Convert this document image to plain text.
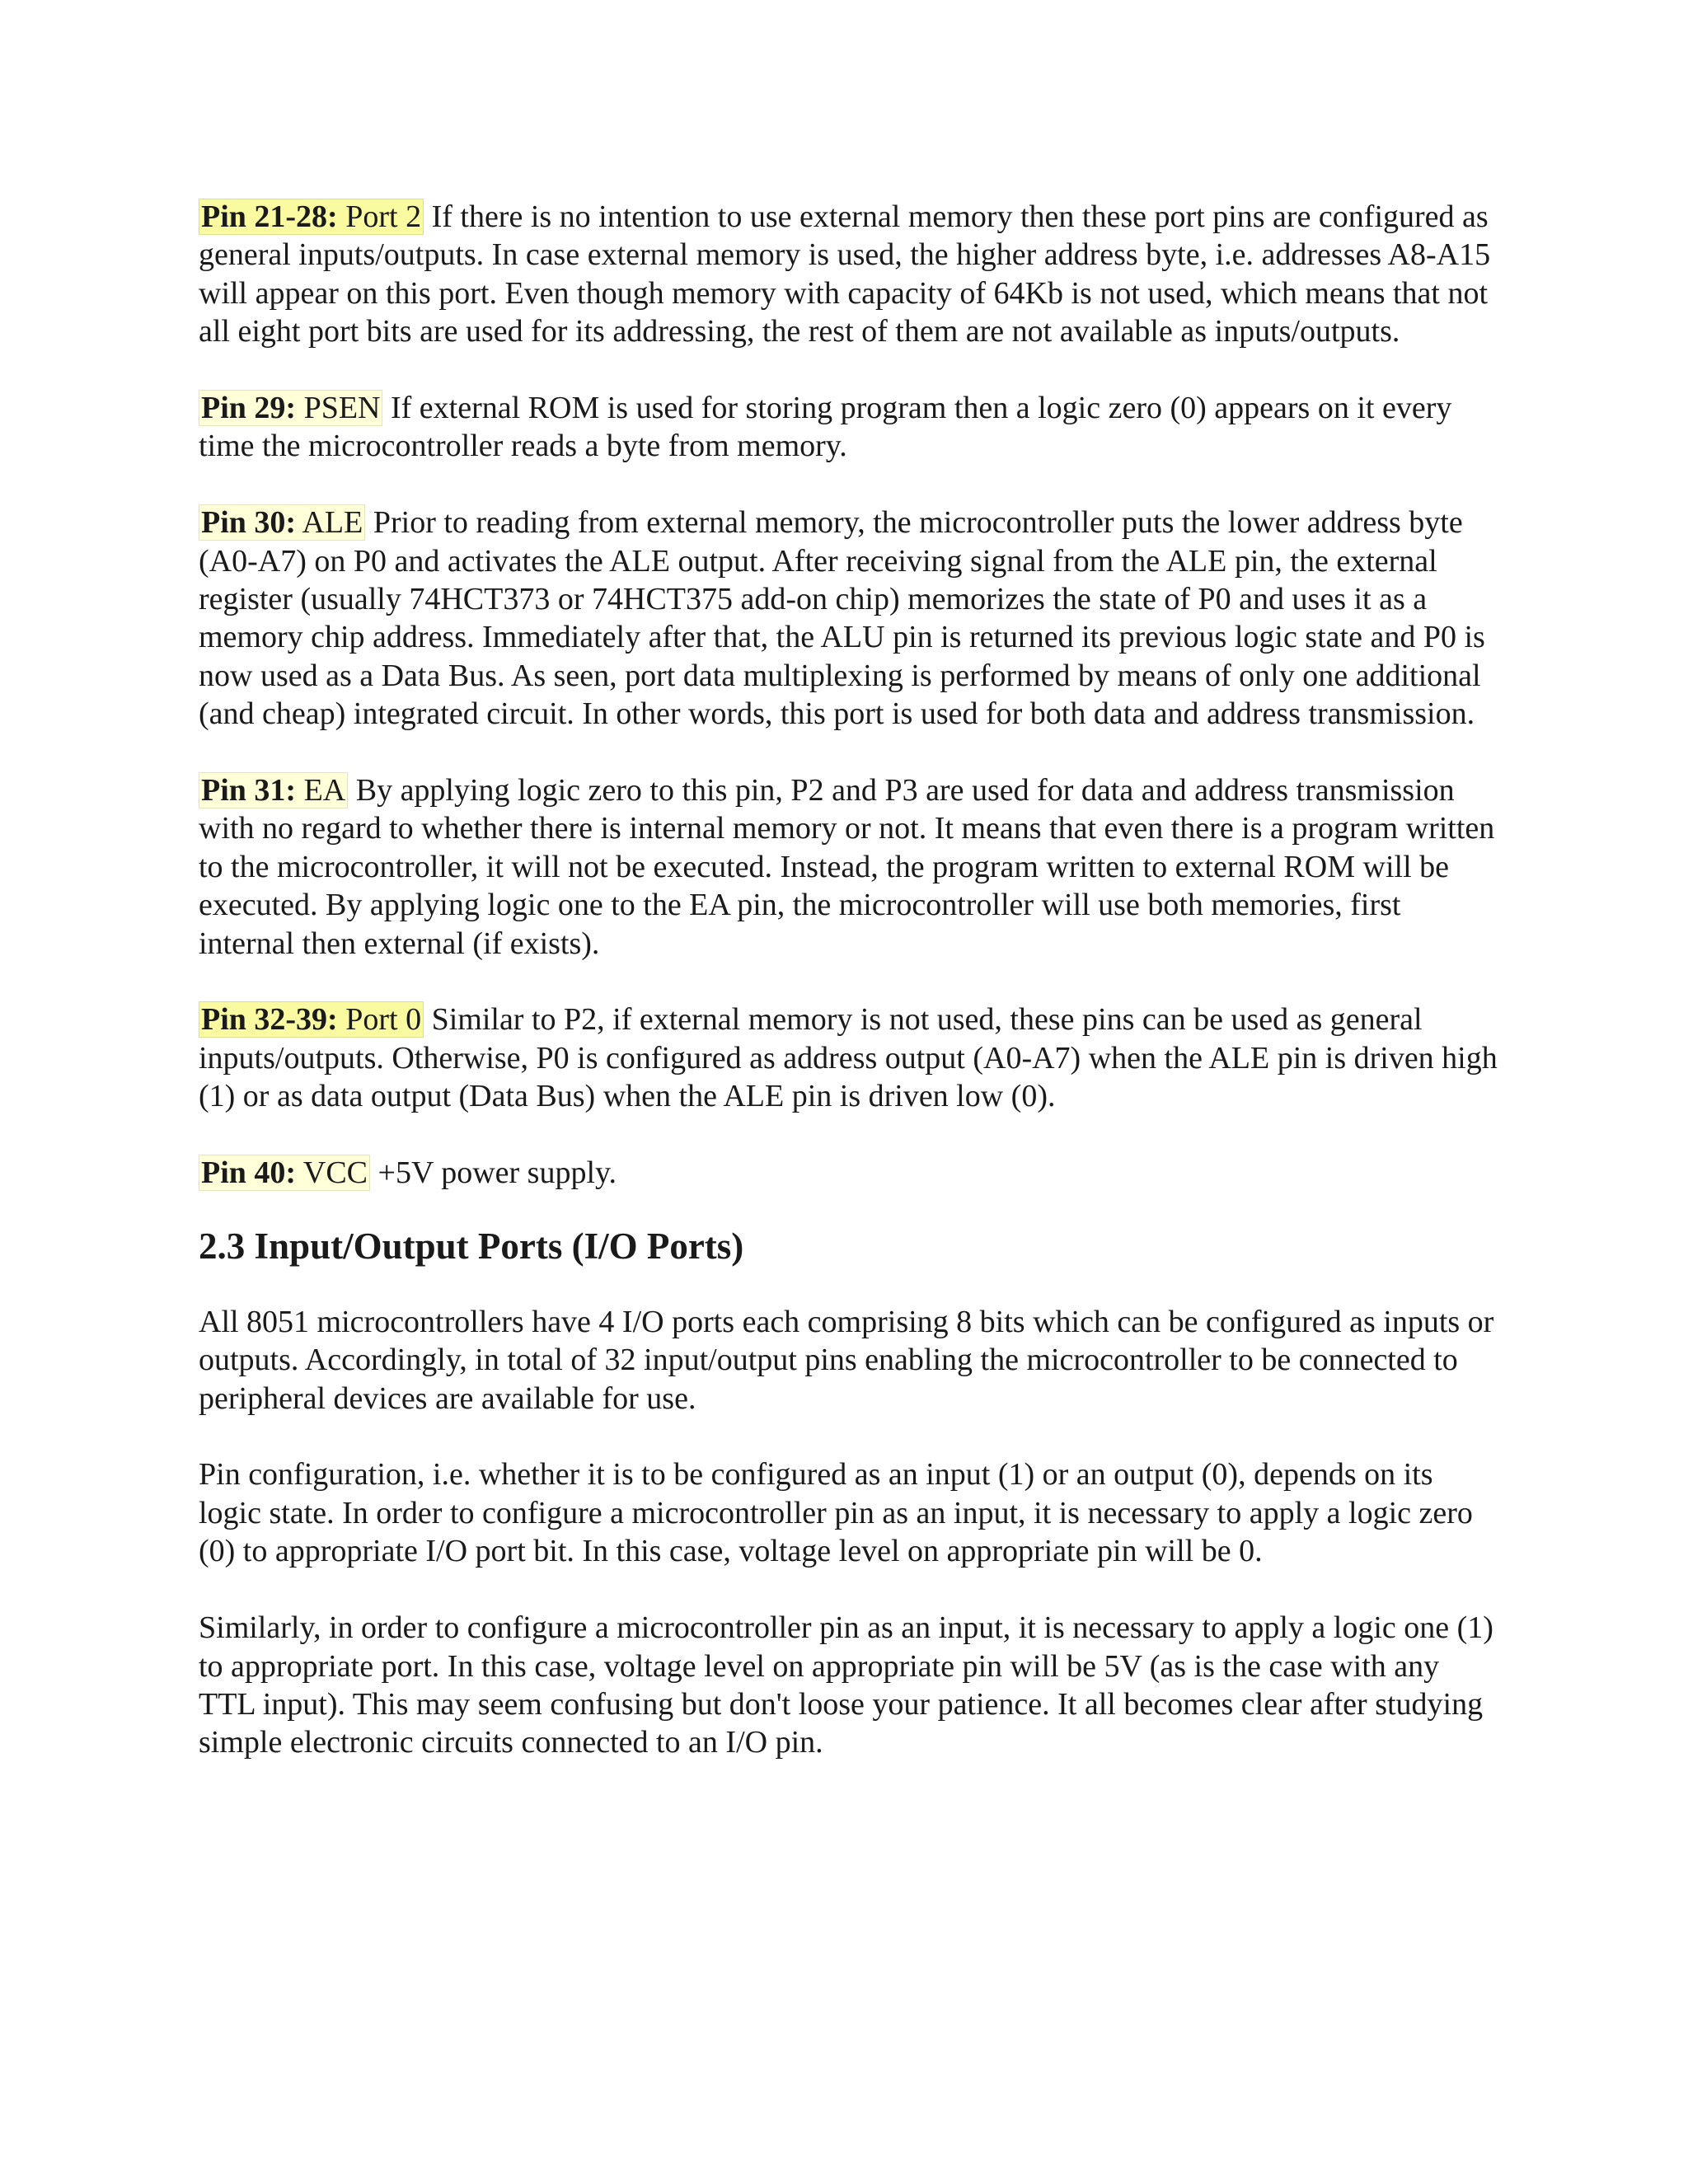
Pin 21-28: Port 2 If there is no intention to use external memory then these port pins are configured as general inputs/outputs. In case external memory is used, the higher address byte, i.e. addresses A8-A15 will appear on this port. Even though memory with capacity of 64Kb is not used, which means that not all eight port bits are used for its addressing, the rest of them are not available as inputs/outputs.

Pin 29: PSEN If external ROM is used for storing program then a logic zero (0) appears on it every time the microcontroller reads a byte from memory.

Pin 30: ALE Prior to reading from external memory, the microcontroller puts the lower address byte (A0-A7) on P0 and activates the ALE output. After receiving signal from the ALE pin, the external register (usually 74HCT373 or 74HCT375 add-on chip) memorizes the state of P0 and uses it as a memory chip address. Immediately after that, the ALU pin is returned its previous logic state and P0 is now used as a Data Bus. As seen, port data multiplexing is performed by means of only one additional (and cheap) integrated circuit. In other words, this port is used for both data and address transmission.

Pin 31: EA By applying logic zero to this pin, P2 and P3 are used for data and address transmission with no regard to whether there is internal memory or not. It means that even there is a program written to the microcontroller, it will not be executed. Instead, the program written to external ROM will be executed. By applying logic one to the EA pin, the microcontroller will use both memories, first internal then external (if exists).

Pin 32-39: Port 0 Similar to P2, if external memory is not used, these pins can be used as general inputs/outputs. Otherwise, P0 is configured as address output (A0-A7) when the ALE pin is driven high (1) or as data output (Data Bus) when the ALE pin is driven low (0).

Pin 40: VCC +5V power supply.

2.3 Input/Output Ports (I/O Ports)

All 8051 microcontrollers have 4 I/O ports each comprising 8 bits which can be configured as inputs or outputs. Accordingly, in total of 32 input/output pins enabling the microcontroller to be connected to peripheral devices are available for use.

Pin configuration, i.e. whether it is to be configured as an input (1) or an output (0), depends on its logic state. In order to configure a microcontroller pin as an input, it is necessary to apply a logic zero (0) to appropriate I/O port bit. In this case, voltage level on appropriate pin will be 0.

Similarly, in order to configure a microcontroller pin as an input, it is necessary to apply a logic one (1) to appropriate port. In this case, voltage level on appropriate pin will be 5V (as is the case with any TTL input). This may seem confusing but don't loose your patience. It all becomes clear after studying simple electronic circuits connected to an I/O pin.
